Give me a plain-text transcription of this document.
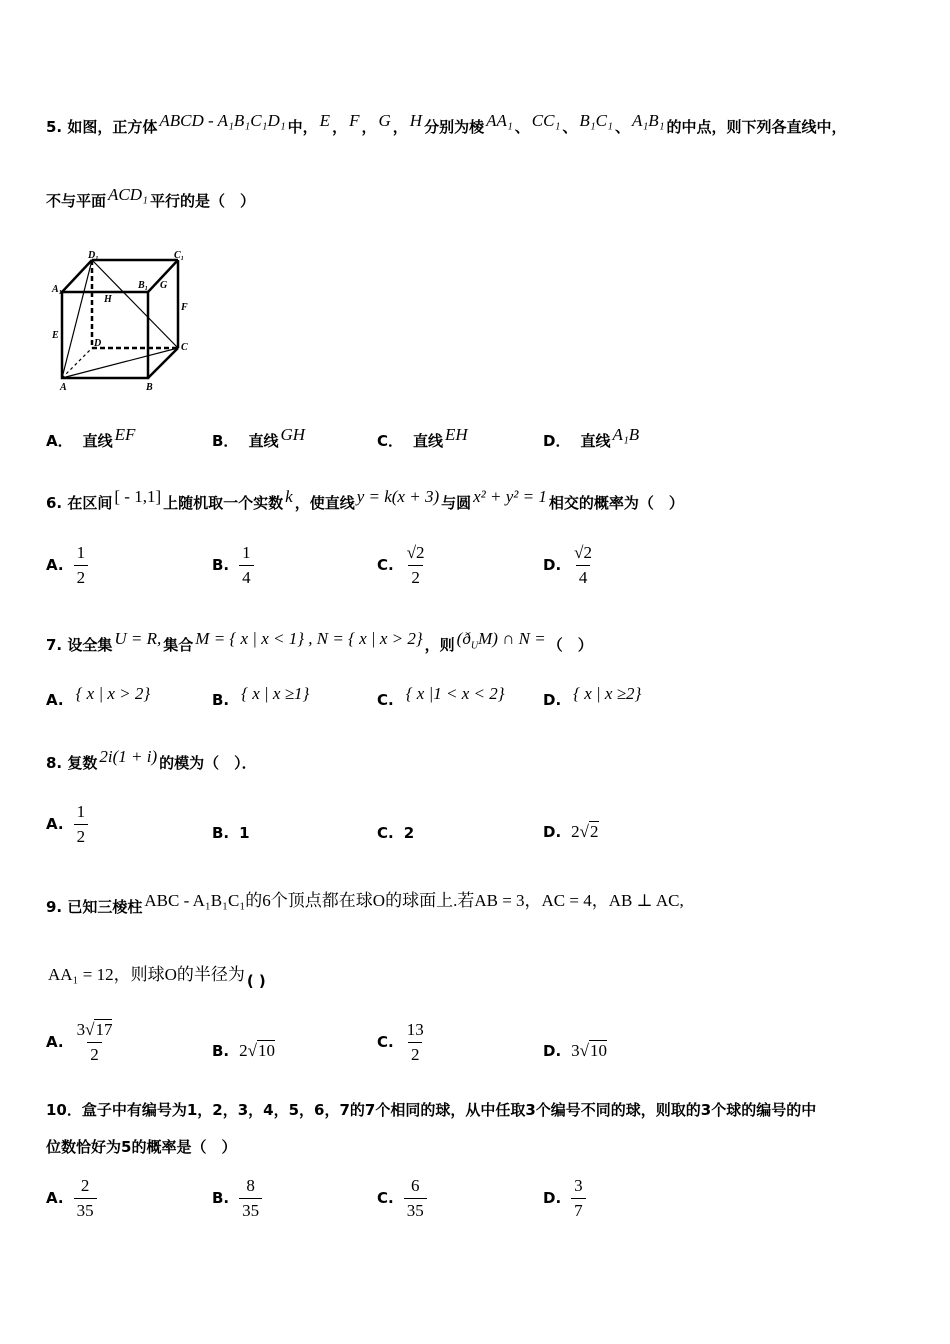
5. 如图，正方体 ABCD - A₁B₁C₁D₁ 中， E ， F ， G ， H 分别为棱 AA₁ 、 CC₁ 、 B₁C₁ 、 A₁B₁ 的中点，则下列各直线中，
不与平面 ACD₁ 平行的是（　）
D₁	C₁
A₁	B₁ G
H
F
E
D	C
A	B
A． 直线 EF	B． 直线 GH	C． 直线 EH	D． 直线 A₁B
6. 在区间 [ - 1,1] 上随机取一个实数 k ，使直线 y = k(x + 3) 与圆 x² + y² = 1 相交的概率为（　）
A. $\frac{1}{2}$	B. $\frac{1}{4}$	C. $\frac{√2}{2}$	D. $\frac{√2}{4}$
7. 设全集 U = R, 集合 M = { x | x < 1} , N = { x | x > 2} ，则 $(ð_UM)$ ∩ N = （　）
A. { x | x > 2}	B. { x | x ≥1}	C. { x |1 < x < 2}	D. { x | x ≥2}
8. 复数 2i(1 + i) 的模为（　）．
A. $\frac{1}{2}$	B. 1	C. 2	D. 2√2
9. 已知三棱柱 ABC - A₁B₁C₁的6个顶点都在球O的球面上.若AB = 3，AC = 4，AB ⊥ AC,
AA₁ = 12，则球O的半径为 ( )
A. $\frac{3√17}{2}$	B. 2√10	C. $\frac{13}{2}$	D. 3√10
10．盒子中有编号为1，2，3，4，5，6，7的7个相同的球，从中任取3个编号不同的球，则取的3个球的编号的中
位数恰好为5的概率是（　）
A. $\frac{2}{35}$	B. $\frac{8}{35}$	C. $\frac{6}{35}$	D. $\frac{3}{7}$
